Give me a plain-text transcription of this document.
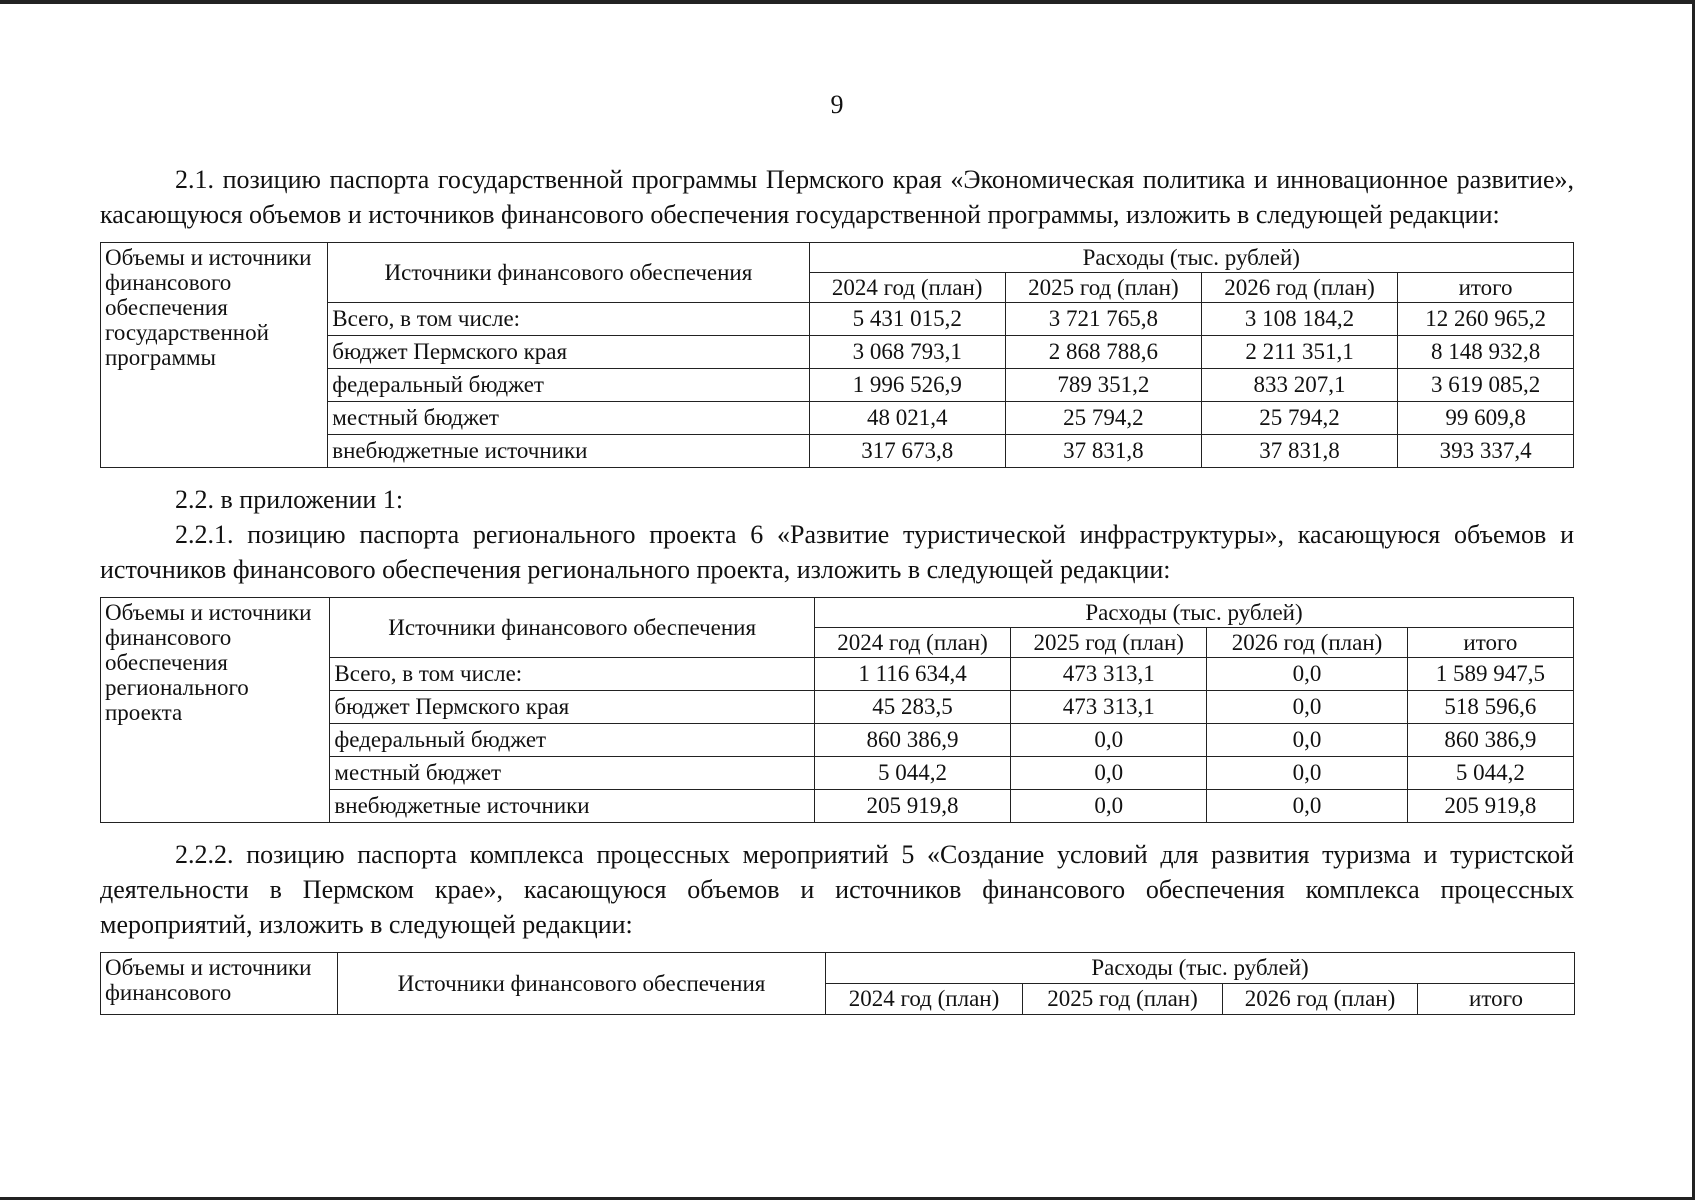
9

2.1. позицию паспорта государственной программы Пермского края «Экономическая политика и инновационное развитие», касающуюся объемов и источников финансового обеспечения государственной программы, изложить в следующей редакции:

Объемы и источники финансового обеспечения государственной программы	Источники финансового обеспечения	Расходы (тыс. рублей)			
		2024 год (план)	2025 год (план)	2026 год (план)	итого
	Всего, в том числе:	5 431 015,2	3 721 765,8	3 108 184,2	12 260 965,2
	бюджет Пермского края	3 068 793,1	2 868 788,6	2 211 351,1	8 148 932,8
	федеральный бюджет	1 996 526,9	789 351,2	833 207,1	3 619 085,2
	местный бюджет	48 021,4	25 794,2	25 794,2	99 609,8
	внебюджетные источники	317 673,8	37 831,8	37 831,8	393 337,4

2.2. в приложении 1:

2.2.1. позицию паспорта регионального проекта 6 «Развитие туристической инфраструктуры», касающуюся объемов и источников финансового обеспечения регионального проекта, изложить в следующей редакции:

Объемы и источники финансового обеспечения регионального проекта	Источники финансового обеспечения	Расходы (тыс. рублей)			
		2024 год (план)	2025 год (план)	2026 год (план)	итого
	Всего, в том числе:	1 116 634,4	473 313,1	0,0	1 589 947,5
	бюджет Пермского края	45 283,5	473 313,1	0,0	518 596,6
	федеральный бюджет	860 386,9	0,0	0,0	860 386,9
	местный бюджет	5 044,2	0,0	0,0	5 044,2
	внебюджетные источники	205 919,8	0,0	0,0	205 919,8

2.2.2. позицию паспорта комплекса процессных мероприятий 5 «Создание условий для развития туризма и туристской деятельности в Пермском крае», касающуюся объемов и источников финансового обеспечения комплекса процессных мероприятий, изложить в следующей редакции:

Объемы и источники финансового	Источники финансового обеспечения	Расходы (тыс. рублей)			
		2024 год (план)	2025 год (план)	2026 год (план)	итого
